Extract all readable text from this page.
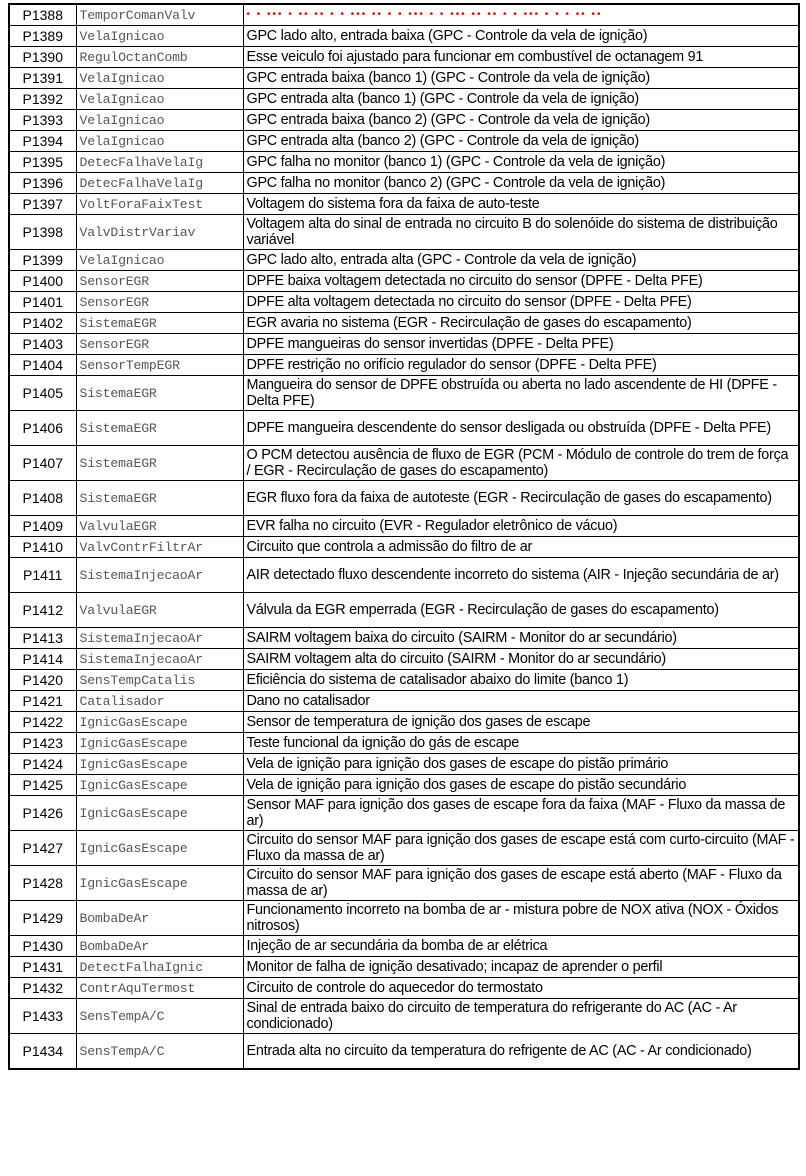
P1388	TemporComanValv	• • ••• • •• •• • • ••• •• • • ••• • • ••• •• •• • • ••• • • • •• ••
P1389	VelaIgnicao	GPC lado alto, entrada baixa (GPC - Controle da vela de ignição)
P1390	RegulOctanComb	Esse veiculo foi ajustado para funcionar em combustível de octanagem 91
P1391	VelaIgnicao	GPC entrada baixa (banco 1) (GPC - Controle da vela de ignição)
P1392	VelaIgnicao	GPC entrada alta (banco 1) (GPC - Controle da vela de ignição)
P1393	VelaIgnicao	GPC entrada baixa (banco 2) (GPC - Controle da vela de ignição)
P1394	VelaIgnicao	GPC entrada alta (banco 2) (GPC - Controle da vela de ignição)
P1395	DetecFalhaVelaIg	GPC falha no monitor (banco 1) (GPC - Controle da vela de ignição)
P1396	DetecFalhaVelaIg	GPC falha no monitor (banco 2) (GPC - Controle da vela de ignição)
P1397	VoltForaFaixTest	Voltagem do sistema fora da faixa de auto-teste
P1398	ValvDistrVariav	Voltagem alta do sinal de entrada no circuito B do solenóide do sistema de distribuição variável
P1399	VelaIgnicao	GPC lado alto, entrada alta (GPC - Controle da vela de ignição)
P1400	SensorEGR	DPFE baixa voltagem detectada no circuito do sensor (DPFE - Delta PFE)
P1401	SensorEGR	DPFE alta voltagem detectada no circuito do sensor (DPFE - Delta PFE)
P1402	SistemaEGR	EGR avaria no sistema (EGR - Recirculação de gases do escapamento)
P1403	SensorEGR	DPFE mangueiras do sensor invertidas (DPFE - Delta PFE)
P1404	SensorTempEGR	DPFE restrição no orifício regulador do sensor (DPFE - Delta PFE)
P1405	SistemaEGR	Mangueira do sensor de DPFE obstruída ou aberta no lado ascendente de HI (DPFE - Delta PFE)
P1406	SistemaEGR	DPFE mangueira descendente do sensor desligada ou obstruída (DPFE - Delta PFE)
P1407	SistemaEGR	O PCM detectou ausência de fluxo de EGR (PCM - Módulo de controle do trem de força / EGR - Recirculação de gases do escapamento)
P1408	SistemaEGR	EGR fluxo fora da faixa de autoteste (EGR - Recirculação de gases do escapamento)
P1409	ValvulaEGR	EVR falha no circuito (EVR - Regulador eletrônico de vácuo)
P1410	ValvContrFiltrAr	Circuito que controla a admissão do filtro de ar
P1411	SistemaInjecaoAr	AIR detectado fluxo descendente incorreto do sistema (AIR - Injeção secundária de ar)
P1412	ValvulaEGR	Válvula da EGR emperrada (EGR - Recirculação de gases do escapamento)
P1413	SistemaInjecaoAr	SAIRM voltagem baixa do circuito (SAIRM - Monitor do ar secundário)
P1414	SistemaInjecaoAr	SAIRM voltagem alta do circuito (SAIRM - Monitor do ar secundário)
P1420	SensTempCatalis	Eficiência do sistema de catalisador abaixo do limite (banco 1)
P1421	Catalisador	Dano no catalisador
P1422	IgnicGasEscape	Sensor de temperatura de ignição dos gases de escape
P1423	IgnicGasEscape	Teste funcional da ignição do gás de escape
P1424	IgnicGasEscape	Vela de ignição para ignição dos gases de escape do pistão primário
P1425	IgnicGasEscape	Vela de ignição para ignição dos gases de escape do pistão secundário
P1426	IgnicGasEscape	Sensor MAF para ignição dos gases de escape fora da faixa (MAF - Fluxo da massa de ar)
P1427	IgnicGasEscape	Circuito do sensor MAF para ignição dos gases de escape está com curto-circuito (MAF - Fluxo da massa de ar)
P1428	IgnicGasEscape	Circuito do sensor MAF para ignição dos gases de escape está aberto (MAF - Fluxo da massa de ar)
P1429	BombaDeAr	Funcionamento incorreto na bomba de ar - mistura pobre de NOX ativa (NOX - Óxidos nitrosos)
P1430	BombaDeAr	Injeção de ar secundária da bomba de ar elétrica
P1431	DetectFalhaIgnic	Monitor de falha de ignição desativado; incapaz de aprender o perfil
P1432	ContrAquTermost	Circuito de controle do aquecedor do termostato
P1433	SensTempA/C	Sinal de entrada baixo do circuito de temperatura do refrigerante do AC (AC - Ar condicionado)
P1434	SensTempA/C	Entrada alta no circuito da temperatura do refrigente de AC (AC - Ar condicionado)
